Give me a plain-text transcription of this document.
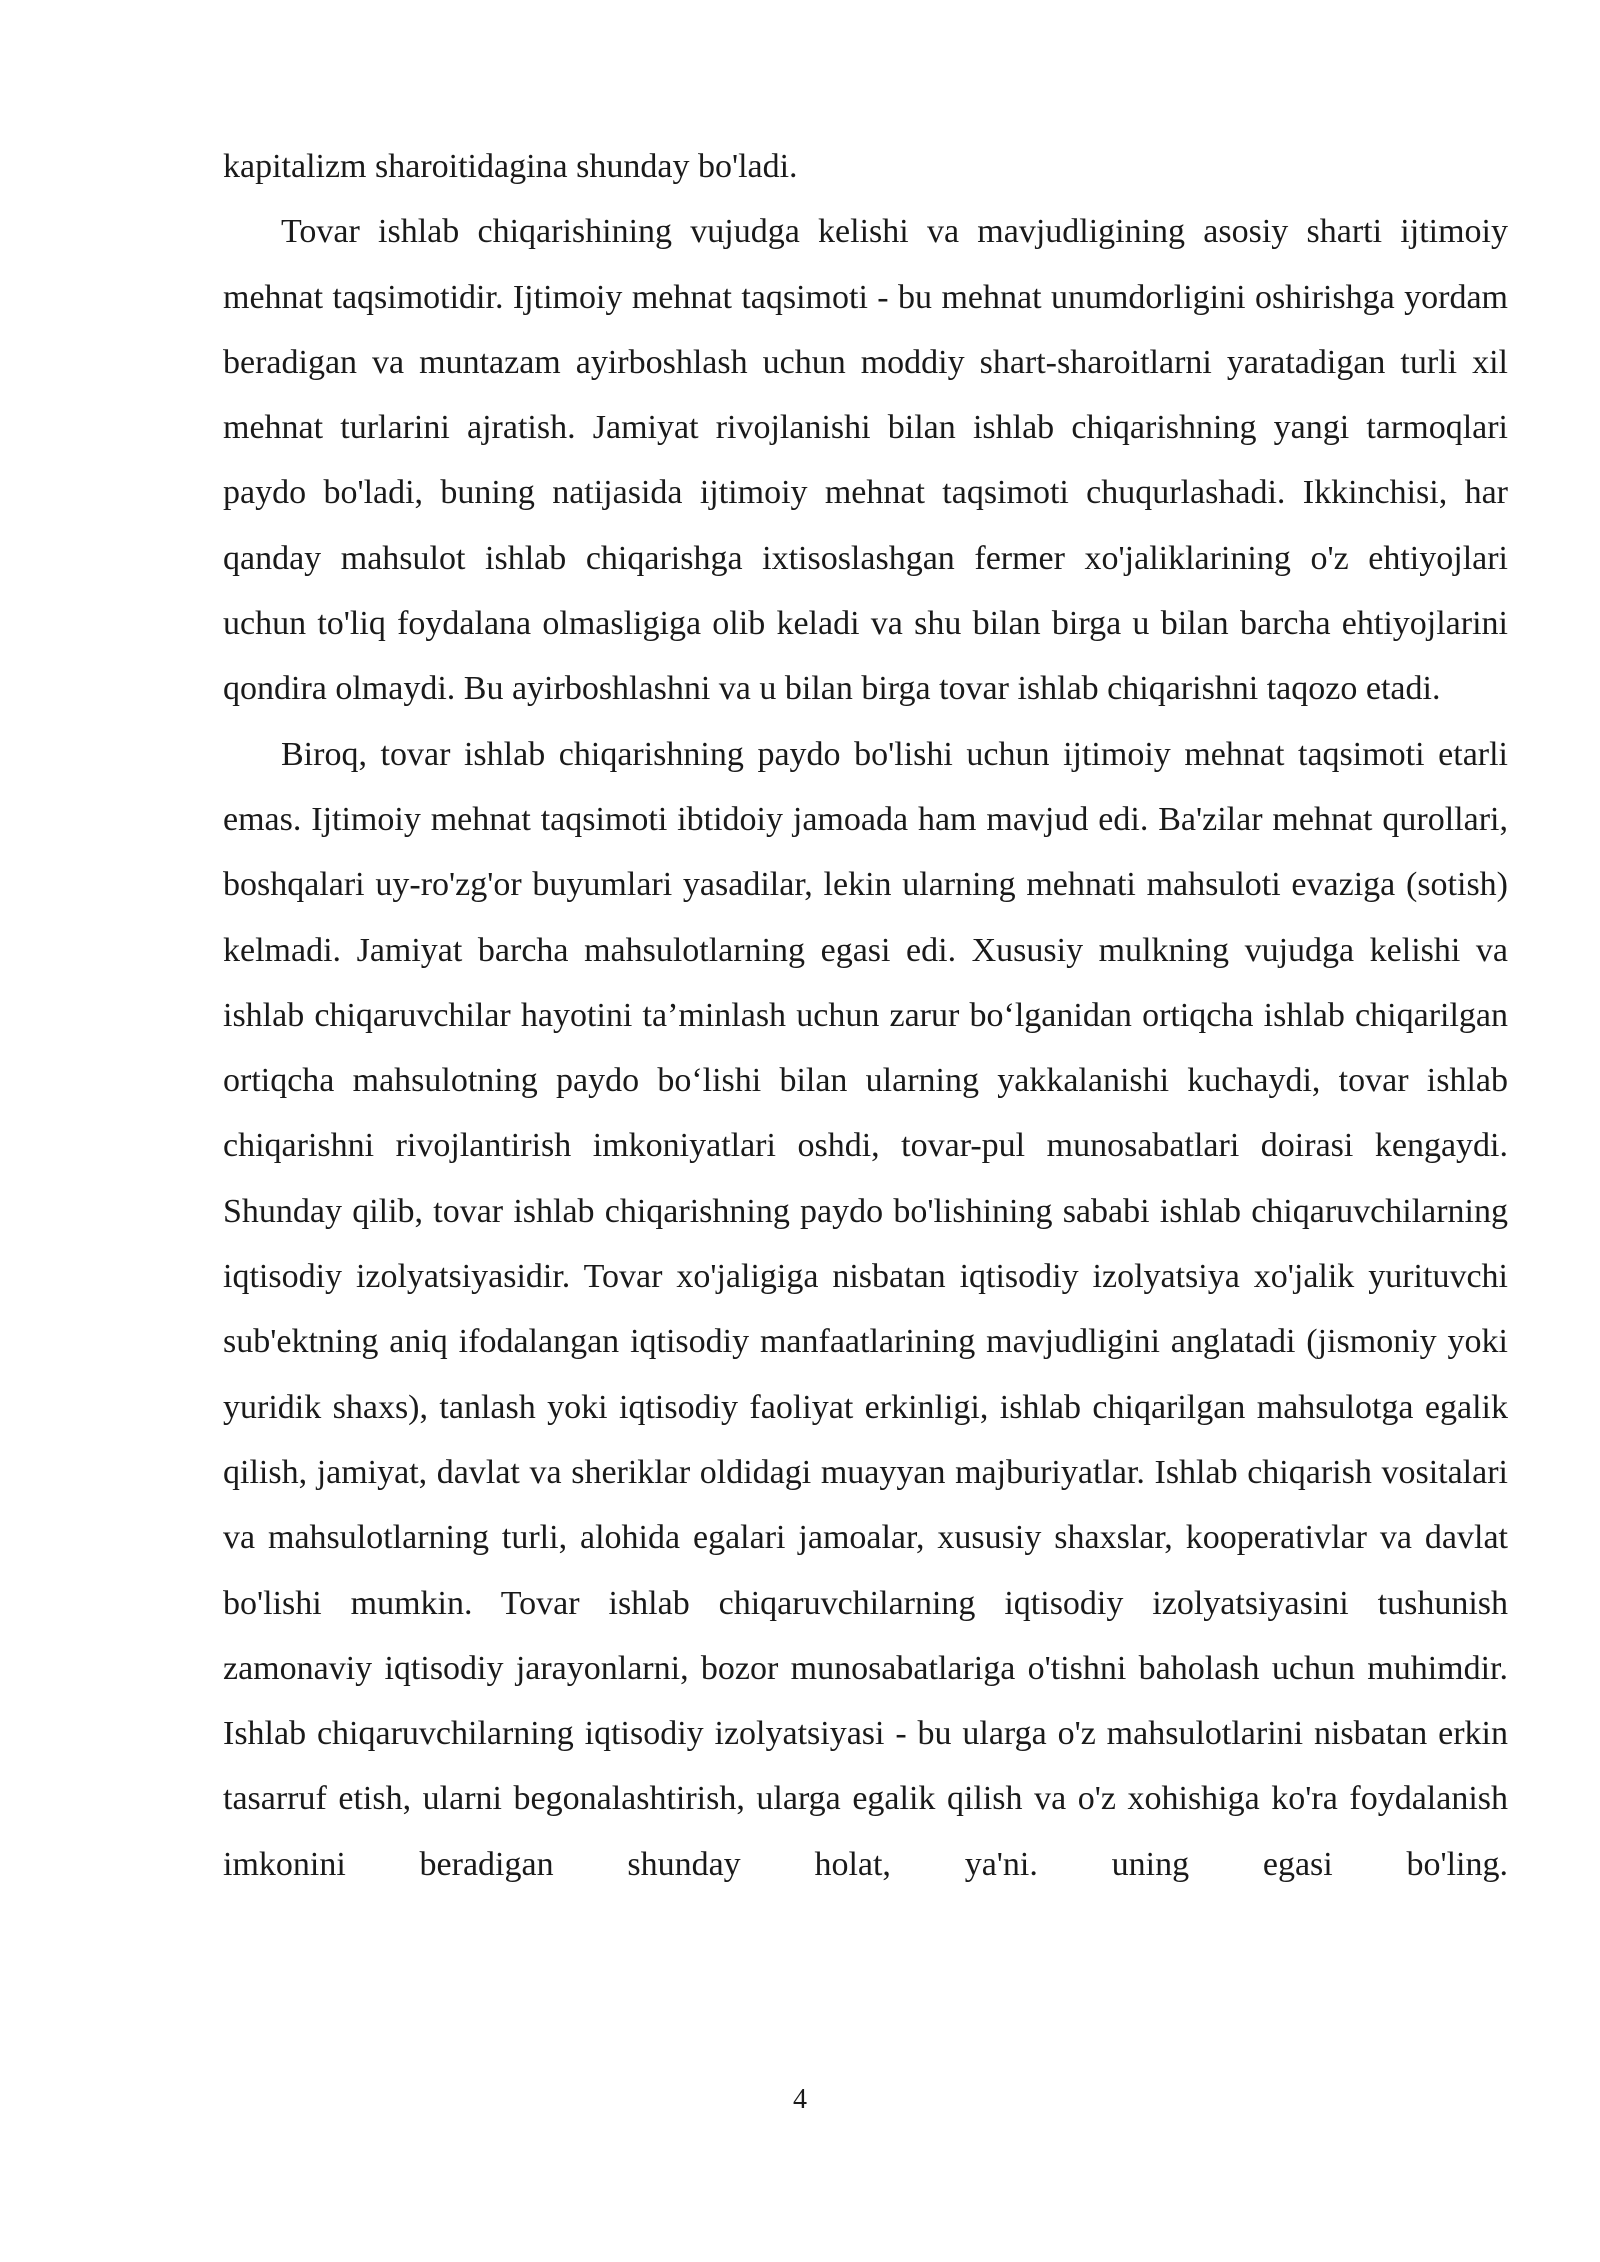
kapitalizm sharoitidagina shunday bo'ladi.

Tovar ishlab chiqarishining vujudga kelishi va mavjudligining asosiy sharti ijtimoiy mehnat taqsimotidir. Ijtimoiy mehnat taqsimoti - bu mehnat unumdorligini oshirishga yordam beradigan va muntazam ayirboshlash uchun moddiy shart-sharoitlarni yaratadigan turli xil mehnat turlarini ajratish. Jamiyat rivojlanishi bilan ishlab chiqarishning yangi tarmoqlari paydo bo'ladi, buning natijasida ijtimoiy mehnat taqsimoti chuqurlashadi. Ikkinchisi, har qanday mahsulot ishlab chiqarishga ixtisoslashgan fermer xo'jaliklarining o'z ehtiyojlari uchun to'liq foydalana olmasligiga olib keladi va shu bilan birga u bilan barcha ehtiyojlarini qondira olmaydi. Bu ayirboshlashni va u bilan birga tovar ishlab chiqarishni taqozo etadi.

Biroq, tovar ishlab chiqarishning paydo bo'lishi uchun ijtimoiy mehnat taqsimoti etarli emas. Ijtimoiy mehnat taqsimoti ibtidoiy jamoada ham mavjud edi. Ba'zilar mehnat qurollari, boshqalari uy-ro'zg'or buyumlari yasadilar, lekin ularning mehnati mahsuloti evaziga (sotish) kelmadi. Jamiyat barcha mahsulotlarning egasi edi. Xususiy mulkning vujudga kelishi va ishlab chiqaruvchilar hayotini ta’minlash uchun zarur bo‘lganidan ortiqcha ishlab chiqarilgan ortiqcha mahsulotning paydo bo‘lishi bilan ularning yakkalanishi kuchaydi, tovar ishlab chiqarishni rivojlantirish imkoniyatlari oshdi, tovar-pul munosabatlari doirasi kengaydi. Shunday qilib, tovar ishlab chiqarishning paydo bo'lishining sababi ishlab chiqaruvchilarning iqtisodiy izolyatsiyasidir. Tovar xo'jaligiga nisbatan iqtisodiy izolyatsiya xo'jalik yurituvchi sub'ektning aniq ifodalangan iqtisodiy manfaatlarining mavjudligini anglatadi (jismoniy yoki yuridik shaxs), tanlash yoki iqtisodiy faoliyat erkinligi, ishlab chiqarilgan mahsulotga egalik qilish, jamiyat, davlat va sheriklar oldidagi muayyan majburiyatlar. Ishlab chiqarish vositalari va mahsulotlarning turli, alohida egalari jamoalar, xususiy shaxslar, kooperativlar va davlat bo'lishi mumkin. Tovar ishlab chiqaruvchilarning iqtisodiy izolyatsiyasini tushunish zamonaviy iqtisodiy jarayonlarni, bozor munosabatlariga o'tishni baholash uchun muhimdir. Ishlab chiqaruvchilarning iqtisodiy izolyatsiyasi - bu ularga o'z mahsulotlarini nisbatan erkin tasarruf etish, ularni begonalashtirish, ularga egalik qilish va o'z xohishiga ko'ra foydalanish imkonini beradigan shunday holat, ya'ni. uning egasi bo'ling.

4
